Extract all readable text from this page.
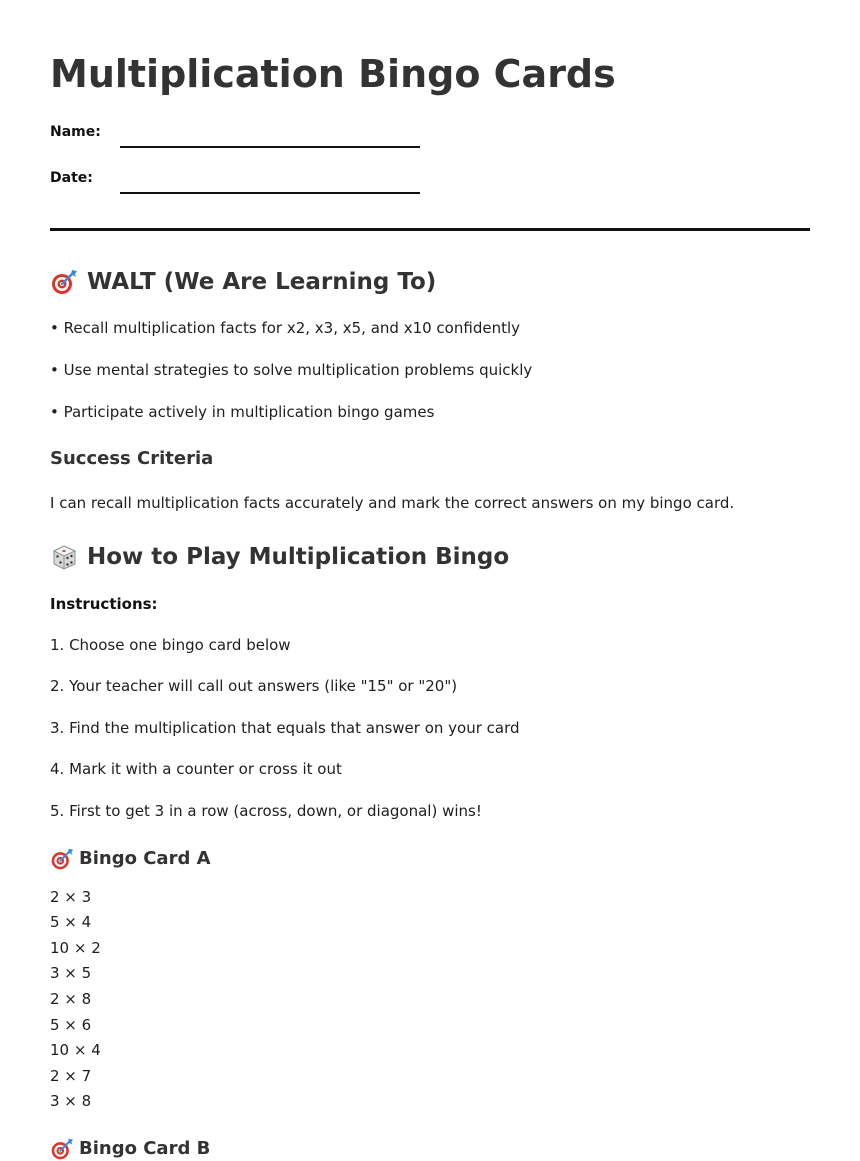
Multiplication Bingo Cards
Name:
Date:
WALT (We Are Learning To)

• Recall multiplication facts for x2, x3, x5, and x10 confidently

• Use mental strategies to solve multiplication problems quickly

• Participate actively in multiplication bingo games

Success Criteria

I can recall multiplication facts accurately and mark the correct answers on my bingo card.

How to Play Multiplication Bingo

Instructions:

1. Choose one bingo card below

2. Your teacher will call out answers (like "15" or "20")

3. Find the multiplication that equals that answer on your card

4. Mark it with a counter or cross it out

5. First to get 3 in a row (across, down, or diagonal) wins!

Bingo Card A

2 × 3

5 × 4

10 × 2

3 × 5

2 × 8

5 × 6

10 × 4

2 × 7

3 × 8

Bingo Card B
